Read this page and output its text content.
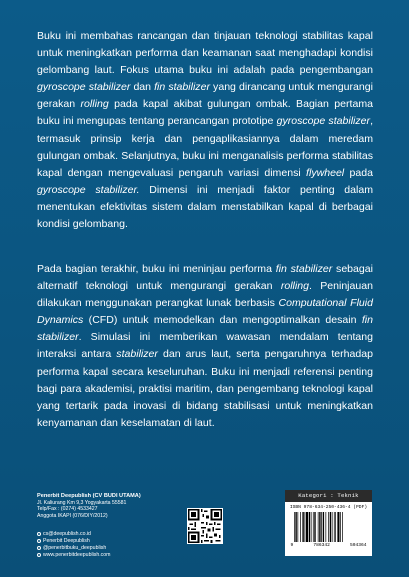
Buku ini membahas rancangan dan tinjauan teknologi stabilitas kapal untuk meningkatkan performa dan keamanan saat menghadapi kondisi gelombang laut. Fokus utama buku ini adalah pada pengembangan gyroscope stabilizer dan fin stabilizer yang dirancang untuk mengurangi gerakan rolling pada kapal akibat gulungan ombak. Bagian pertama buku ini mengupas tentang perancangan prototipe gyroscope stabilizer, termasuk prinsip kerja dan pengaplikasiannya dalam meredam gulungan ombak. Selanjutnya, buku ini menganalisis performa stabilitas kapal dengan mengevaluasi pengaruh variasi dimensi flywheel pada gyroscope stabilizer. Dimensi ini menjadi faktor penting dalam menentukan efektivitas sistem dalam menstabilkan kapal di berbagai kondisi gelombang.

Pada bagian terakhir, buku ini meninjau performa fin stabilizer sebagai alternatif teknologi untuk mengurangi gerakan rolling. Peninjauan dilakukan menggunakan perangkat lunak berbasis Computational Fluid Dynamics (CFD) untuk memodelkan dan mengoptimalkan desain fin stabilizer. Simulasi ini memberikan wawasan mendalam tentang interaksi antara stabilizer dan arus laut, serta pengaruhnya terhadap performa kapal secara keseluruhan. Buku ini menjadi referensi penting bagi para akademisi, praktisi maritim, dan pengembang teknologi kapal yang tertarik pada inovasi di bidang stabilisasi untuk meningkatkan kenyamanan dan keselamatan di laut.

Penerbit Deepublish (CV BUDI UTAMA)
Jl. Kaliurang Km 9,3 Yogyakarta 55581
Telp/Fax : (0274) 4533427
Anggota IKAPI (076/DIY/2012)
cs@deepublish.co.id
Penerbit Deepublish
@penerbitbuku_deepublish
www.penerbitdeepublish.com
Kategori : Teknik
ISBN 978-634-250-436-4 (PDF)
9	786342	504364
